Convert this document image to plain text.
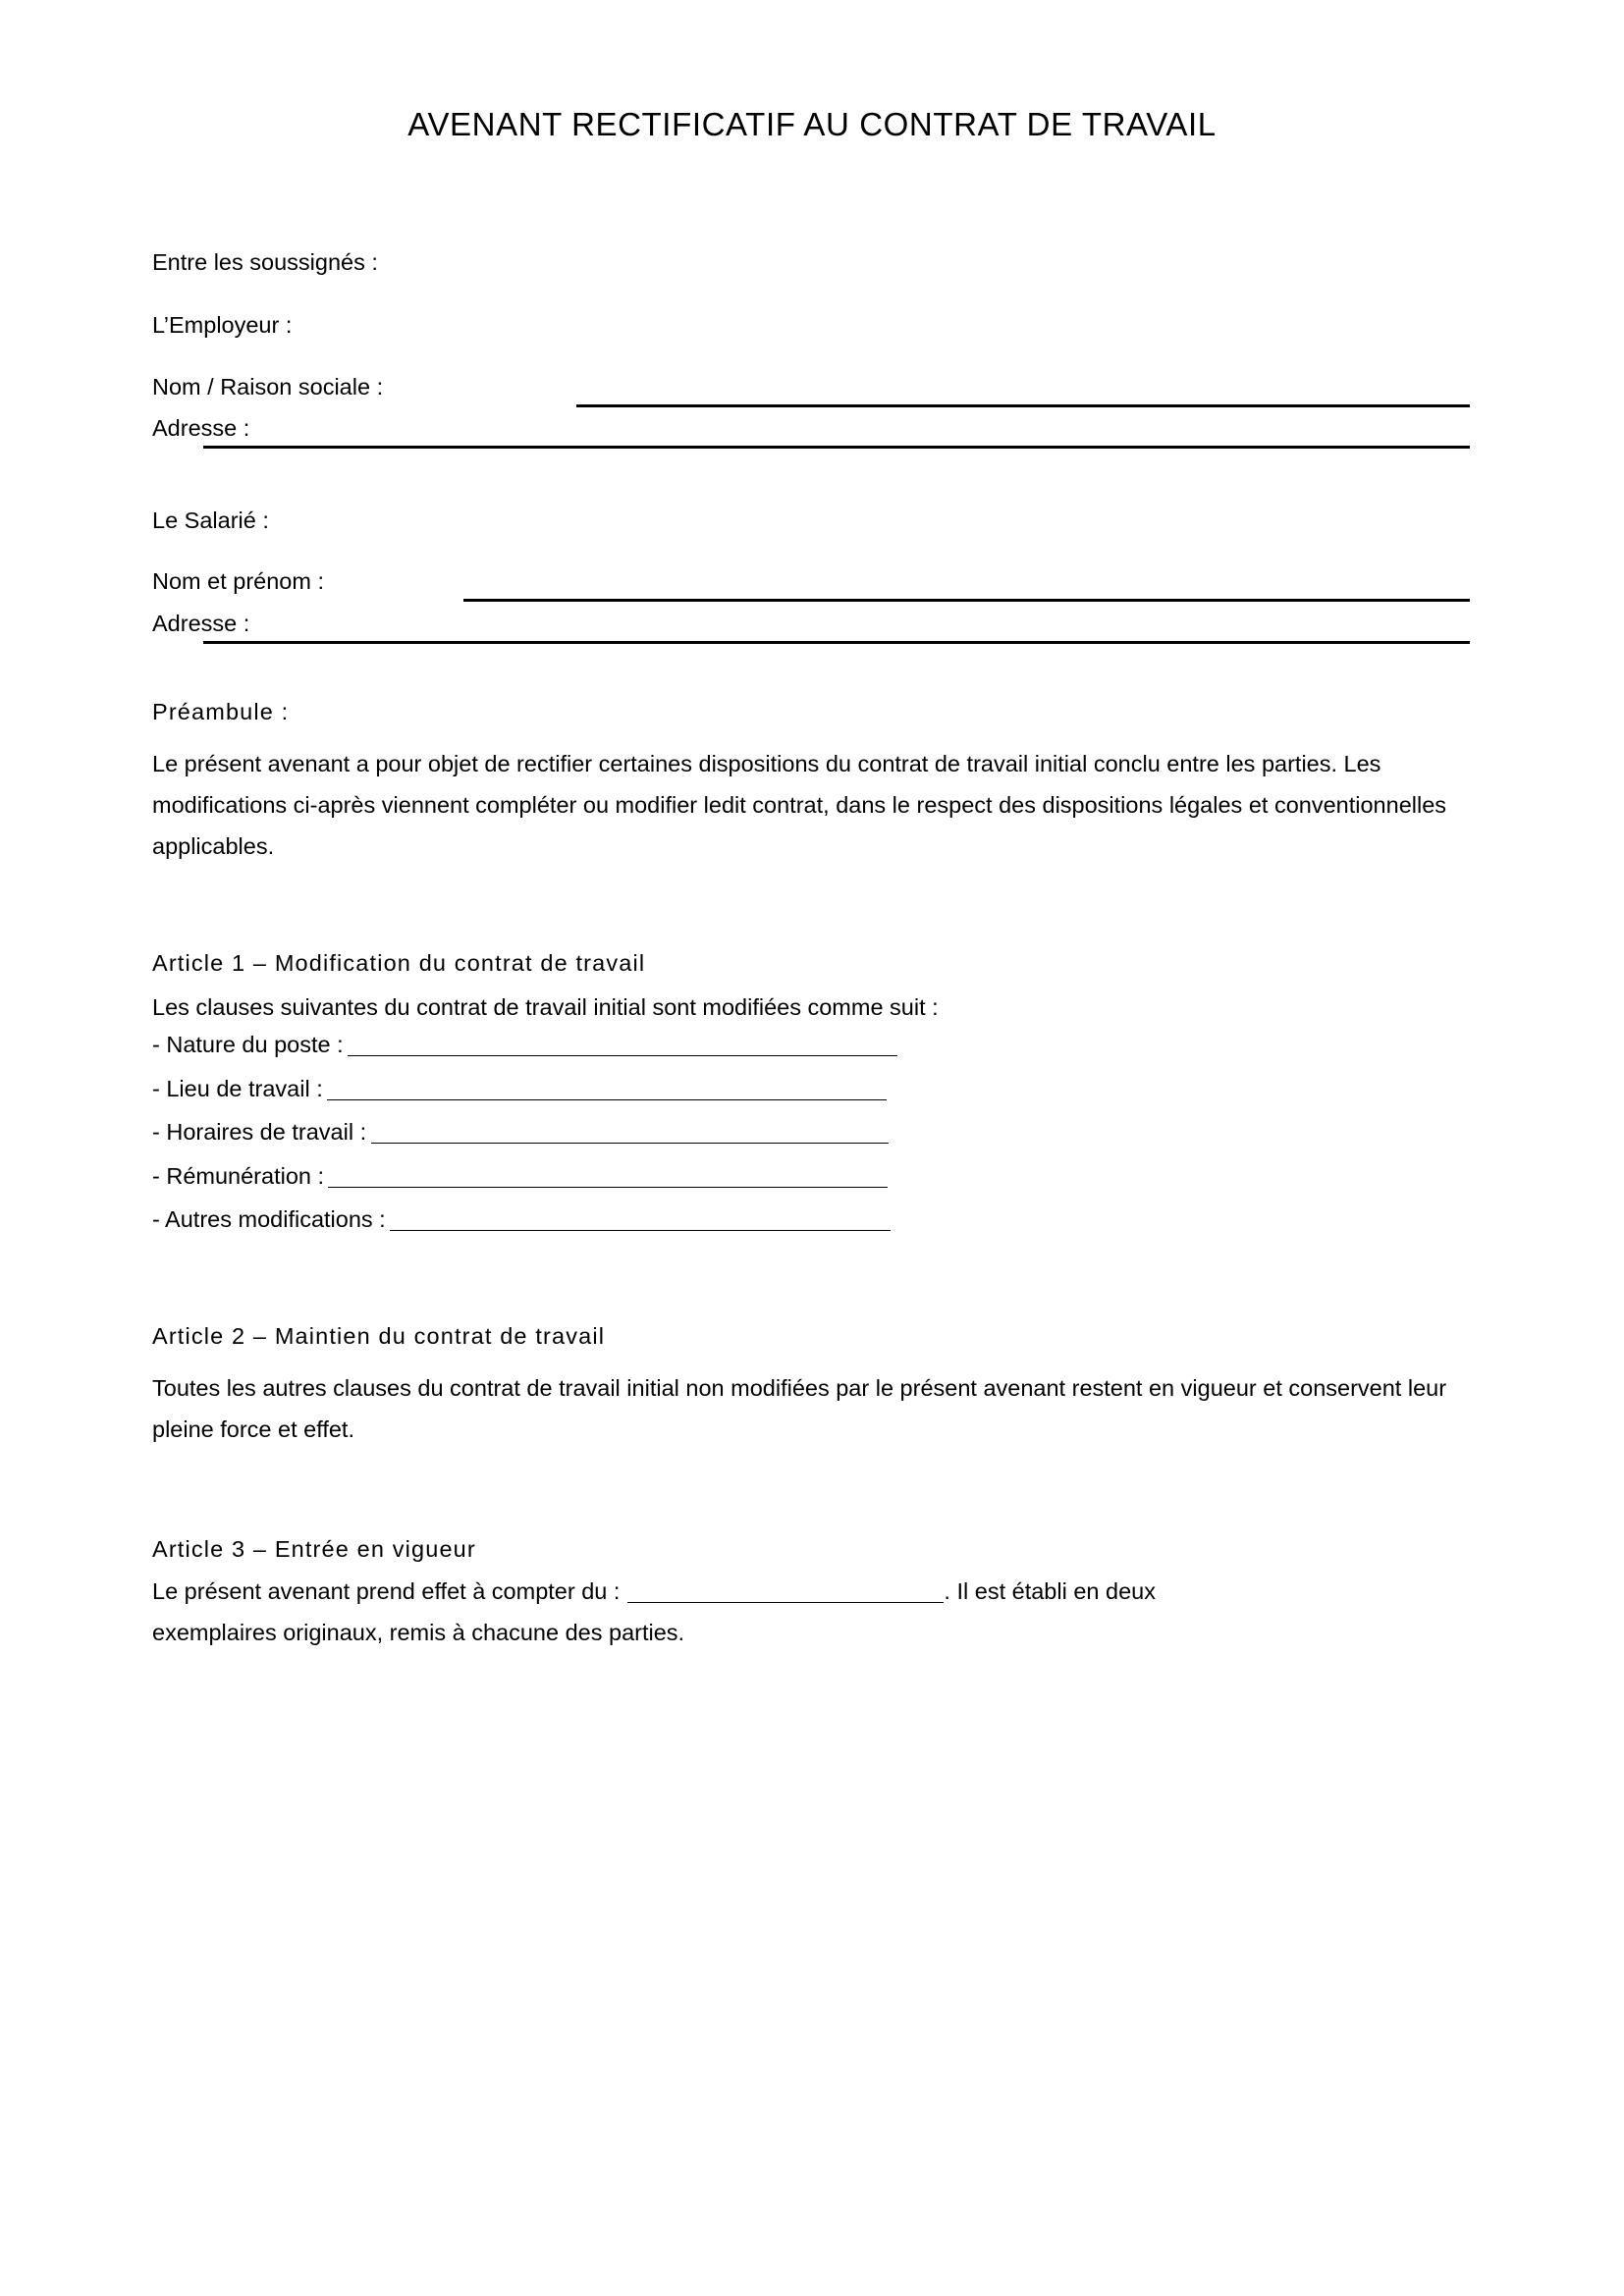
AVENANT RECTIFICATIF AU CONTRAT DE TRAVAIL
Entre les soussignés :
L’Employeur :
Nom / Raison sociale :
Adresse :
Le Salarié :
Nom et prénom :
Adresse :
Préambule :
Le présent avenant a pour objet de rectifier certaines dispositions du contrat de travail initial conclu entre les parties. Les modifications ci-après viennent compléter ou modifier ledit contrat, dans le respect des dispositions légales et conventionnelles applicables.
Article 1 – Modification du contrat de travail
Les clauses suivantes du contrat de travail initial sont modifiées comme suit :
- Nature du poste :
- Lieu de travail :
- Horaires de travail :
- Rémunération :
- Autres modifications :
Article 2 – Maintien du contrat de travail
Toutes les autres clauses du contrat de travail initial non modifiées par le présent avenant restent en vigueur et conservent leur pleine force et effet.
Article 3 – Entrée en vigueur
Le présent avenant prend effet à compter du :	. Il est établi en deux
exemplaires originaux, remis à chacune des parties.
